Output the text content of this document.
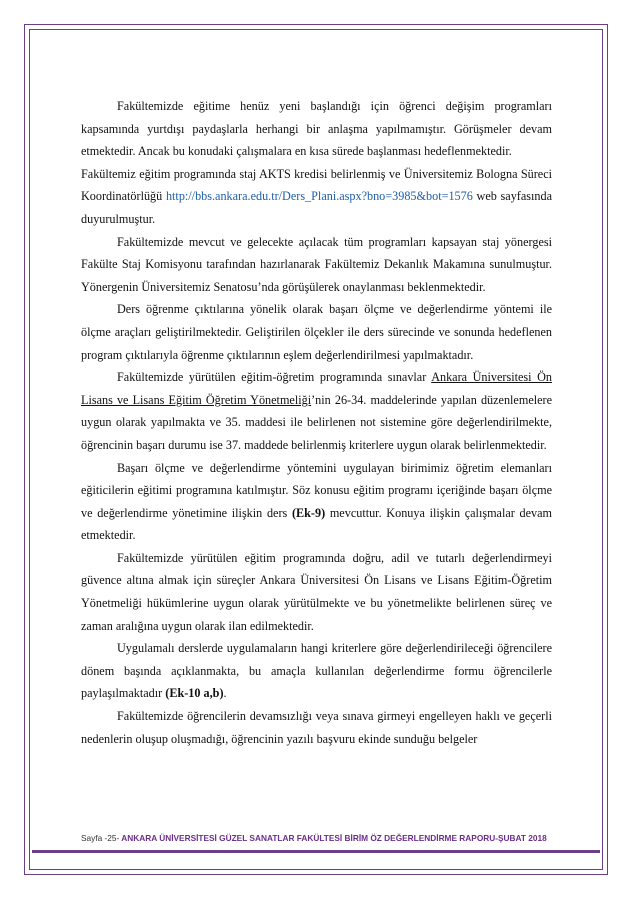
Fakültemizde eğitime henüz yeni başlandığı için öğrenci değişim programları kapsamında yurtdışı paydaşlarla herhangi bir anlaşma yapılmamıştır. Görüşmeler devam etmektedir. Ancak bu konudaki çalışmalara en kısa sürede başlanması hedeflenmektedir.

Fakültemiz eğitim programında staj AKTS kredisi belirlenmiş ve Üniversitemiz Bologna Süreci Koordinatörlüğü http://bbs.ankara.edu.tr/Ders_Plani.aspx?bno=3985&bot=1576 web sayfasında duyurulmuştur.

Fakültemizde mevcut ve gelecekte açılacak tüm programları kapsayan staj yönergesi Fakülte Staj Komisyonu tarafından hazırlanarak Fakültemiz Dekanlık Makamına sunulmuştur. Yönergenin Üniversitemiz Senatosu’nda görüşülerek onaylanması beklenmektedir.

Ders öğrenme çıktılarına yönelik olarak başarı ölçme ve değerlendirme yöntemi ile ölçme araçları geliştirilmektedir. Geliştirilen ölçekler ile ders sürecinde ve sonunda hedeflenen program çıktılarıyla öğrenme çıktılarının eşlem değerlendirilmesi yapılmaktadır.

Fakültemizde yürütülen eğitim-öğretim programında sınavlar Ankara Üniversitesi Ön Lisans ve Lisans Eğitim Öğretim Yönetmeliği’nin 26-34. maddelerinde yapılan düzenlemelere uygun olarak yapılmakta ve 35. maddesi ile belirlenen not sistemine göre değerlendirilmekte, öğrencinin başarı durumu ise 37. maddede belirlenmiş kriterlere uygun olarak belirlenmektedir.

Başarı ölçme ve değerlendirme yöntemini uygulayan birimimiz öğretim elemanları eğiticilerin eğitimi programına katılmıştır. Söz konusu eğitim programı içeriğinde başarı ölçme ve değerlendirme yönetimine ilişkin ders (Ek-9) mevcuttur. Konuya ilişkin çalışmalar devam etmektedir.

Fakültemizde yürütülen eğitim programında doğru, adil ve tutarlı değerlendirmeyi güvence altına almak için süreçler Ankara Üniversitesi Ön Lisans ve Lisans Eğitim-Öğretim Yönetmeliği hükümlerine uygun olarak yürütülmekte ve bu yönetmelikte belirlenen süreç ve zaman aralığına uygun olarak ilan edilmektedir.

Uygulamalı derslerde uygulamaların hangi kriterlere göre değerlendirileceği öğrencilere dönem başında açıklanmakta, bu amaçla kullanılan değerlendirme formu öğrencilerle paylaşılmaktadır (Ek-10 a,b).

Fakültemizde öğrencilerin devamsızlığı veya sınava girmeyi engelleyen haklı ve geçerli nedenlerin oluşup oluşmadığı, öğrencinin yazılı başvuru ekinde sunduğu belgeler

Sayfa -25- ANKARA ÜNİVERSİTESİ GÜZEL SANATLAR FAKÜLTESİ BİRİM ÖZ DEĞERLENDİRME RAPORU-ŞUBAT 2018
